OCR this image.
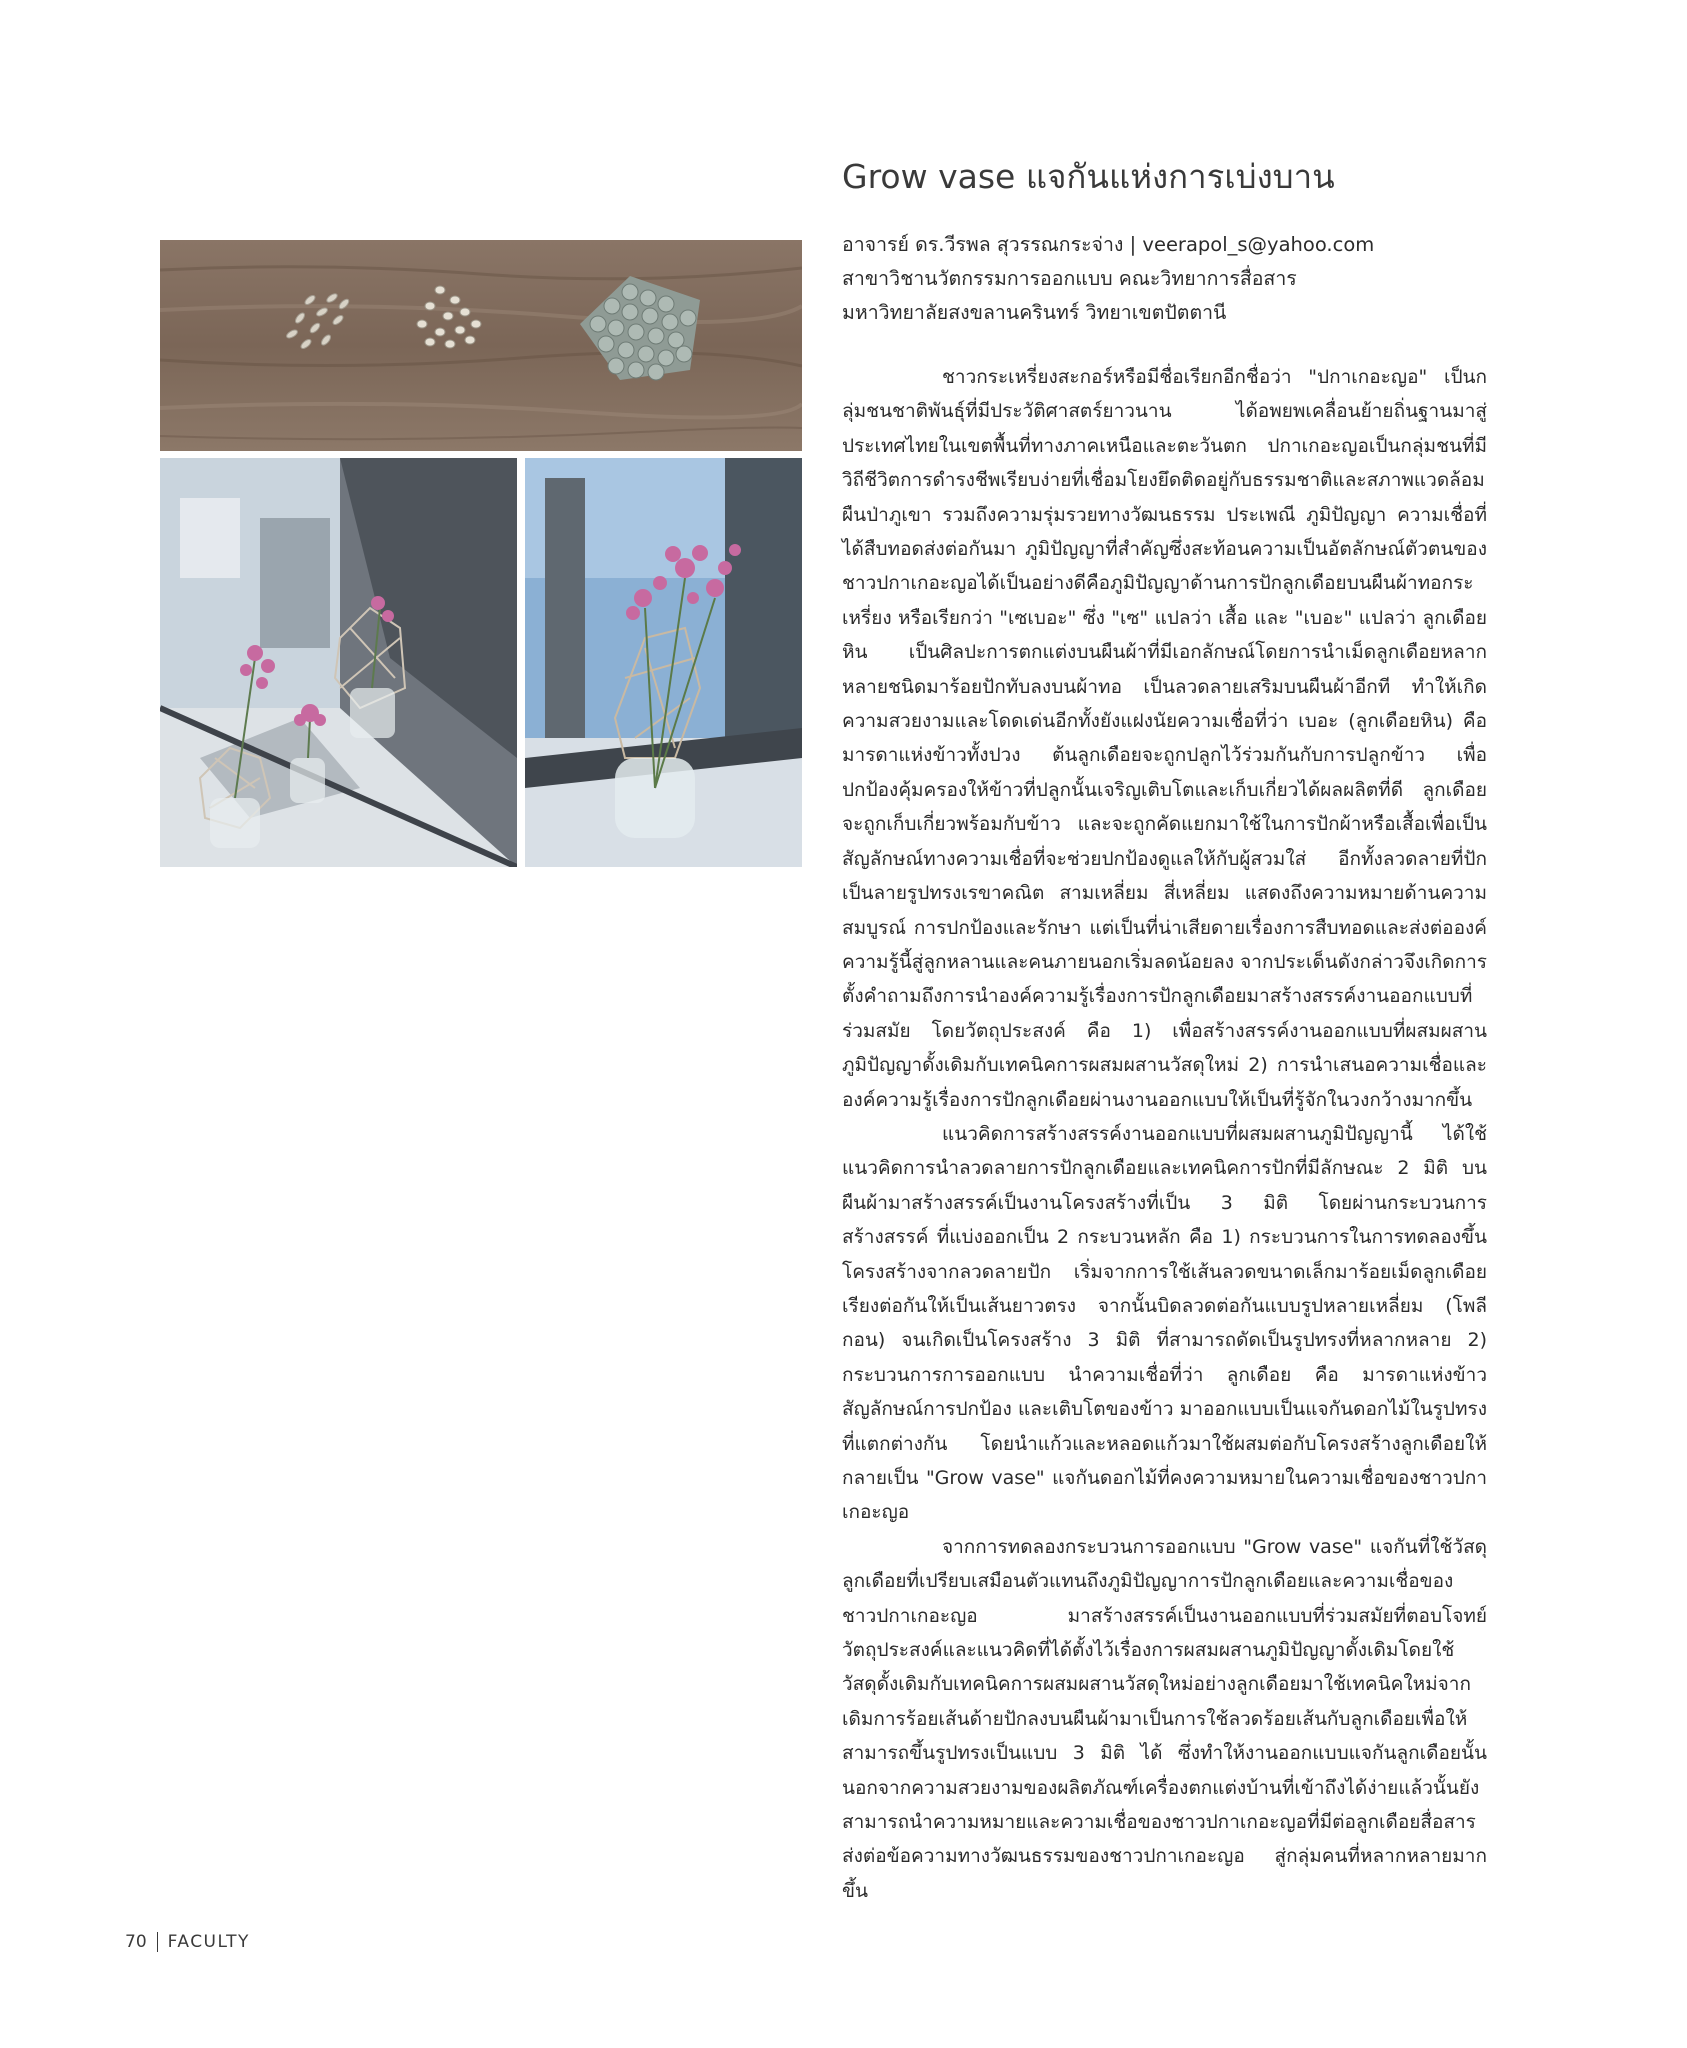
Grow vase แจกันแห่งการเบ่งบาน
อาจารย์ ดร.วีรพล สุวรรณกระจ่าง | veerapol_s@yahoo.com
สาขาวิชานวัตกรรมการออกแบบ คณะวิทยาการสื่อสาร
มหาวิทยาลัยสงขลานครินทร์ วิทยาเขตปัตตานี

ชาวกระเหรี่ยงสะกอร์หรือมีชื่อเรียกอีกชื่อว่า "ปกาเกอะญอ" เป็นกลุ่มชนชาติพันธุ์ที่มีประวัติศาสตร์ยาวนาน ได้อพยพเคลื่อนย้ายถิ่นฐานมาสู่ประเทศไทยในเขตพื้นที่ทางภาคเหนือและตะวันตก ปกาเกอะญอเป็นกลุ่มชนที่มีวิถีชีวิตการดำรงชีพเรียบง่ายที่เชื่อมโยงยึดติดอยู่กับธรรมชาติและสภาพแวดล้อมผืนป่าภูเขา รวมถึงความรุ่มรวยทางวัฒนธรรม ประเพณี ภูมิปัญญา ความเชื่อที่ได้สืบทอดส่งต่อกันมา ภูมิปัญญาที่สำคัญซึ่งสะท้อนความเป็นอัตลักษณ์ตัวตนของชาวปกาเกอะญอได้เป็นอย่างดีคือภูมิปัญญาด้านการปักลูกเดือยบนผืนผ้าทอกระเหรี่ยง หรือเรียกว่า "เซเบอะ" ซึ่ง "เซ" แปลว่า เสื้อ และ "เบอะ" แปลว่า ลูกเดือยหิน เป็นศิลปะการตกแต่งบนผืนผ้าที่มีเอกลักษณ์โดยการนำเม็ดลูกเดือยหลากหลายชนิดมาร้อยปักทับลงบนผ้าทอ เป็นลวดลายเสริมบนผืนผ้าอีกที ทำให้เกิดความสวยงามและโดดเด่นอีกทั้งยังแฝงนัยความเชื่อที่ว่า เบอะ (ลูกเดือยหิน) คือมารดาแห่งข้าวทั้งปวง ต้นลูกเดือยจะถูกปลูกไว้ร่วมกันกับการปลูกข้าว เพื่อปกป้องคุ้มครองให้ข้าวที่ปลูกนั้นเจริญเติบโตและเก็บเกี่ยวได้ผลผลิตที่ดี ลูกเดือยจะถูกเก็บเกี่ยวพร้อมกับข้าว และจะถูกคัดแยกมาใช้ในการปักผ้าหรือเสื้อเพื่อเป็นสัญลักษณ์ทางความเชื่อที่จะช่วยปกป้องดูแลให้กับผู้สวมใส่ อีกทั้งลวดลายที่ปักเป็นลายรูปทรงเรขาคณิต สามเหลี่ยม สี่เหลี่ยม แสดงถึงความหมายด้านความสมบูรณ์ การปกป้องและรักษา แต่เป็นที่น่าเสียดายเรื่องการสืบทอดและส่งต่อองค์ความรู้นี้สู่ลูกหลานและคนภายนอกเริ่มลดน้อยลง จากประเด็นดังกล่าวจึงเกิดการตั้งคำถามถึงการนำองค์ความรู้เรื่องการปักลูกเดือยมาสร้างสรรค์งานออกแบบที่ร่วมสมัย โดยวัตถุประสงค์ คือ 1) เพื่อสร้างสรรค์งานออกแบบที่ผสมผสานภูมิปัญญาดั้งเดิมกับเทคนิคการผสมผสานวัสดุใหม่ 2) การนำเสนอความเชื่อและองค์ความรู้เรื่องการปักลูกเดือยผ่านงานออกแบบให้เป็นที่รู้จักในวงกว้างมากขึ้น

แนวคิดการสร้างสรรค์งานออกแบบที่ผสมผสานภูมิปัญญานี้ ได้ใช้แนวคิดการนำลวดลายการปักลูกเดือยและเทคนิคการปักที่มีลักษณะ 2 มิติ บนผืนผ้ามาสร้างสรรค์เป็นงานโครงสร้างที่เป็น 3 มิติ โดยผ่านกระบวนการสร้างสรรค์ ที่แบ่งออกเป็น 2 กระบวนหลัก คือ 1) กระบวนการในการทดลองขึ้นโครงสร้างจากลวดลายปัก เริ่มจากการใช้เส้นลวดขนาดเล็กมาร้อยเม็ดลูกเดือยเรียงต่อกันให้เป็นเส้นยาวตรง จากนั้นบิดลวดต่อกันแบบรูปหลายเหลี่ยม (โพลีกอน) จนเกิดเป็นโครงสร้าง 3 มิติ ที่สามารถดัดเป็นรูปทรงที่หลากหลาย 2) กระบวนการการออกแบบ นำความเชื่อที่ว่า ลูกเดือย คือ มารดาแห่งข้าว สัญลักษณ์การปกป้อง และเติบโตของข้าว มาออกแบบเป็นแจกันดอกไม้ในรูปทรงที่แตกต่างกัน โดยนำแก้วและหลอดแก้วมาใช้ผสมต่อกับโครงสร้างลูกเดือยให้กลายเป็น "Grow vase" แจกันดอกไม้ที่คงความหมายในความเชื่อของชาวปกาเกอะญอ

จากการทดลองกระบวนการออกแบบ "Grow vase" แจกันที่ใช้วัสดุลูกเดือยที่เปรียบเสมือนตัวแทนถึงภูมิปัญญาการปักลูกเดือยและความเชื่อของชาวปกาเกอะญอ มาสร้างสรรค์เป็นงานออกแบบที่ร่วมสมัยที่ตอบโจทย์วัตถุประสงค์และแนวคิดที่ได้ตั้งไว้เรื่องการผสมผสานภูมิปัญญาดั้งเดิมโดยใช้วัสดุดั้งเดิมกับเทคนิคการผสมผสานวัสดุใหม่อย่างลูกเดือยมาใช้เทคนิคใหม่จากเดิมการร้อยเส้นด้ายปักลงบนผืนผ้ามาเป็นการใช้ลวดร้อยเส้นกับลูกเดือยเพื่อให้สามารถขึ้นรูปทรงเป็นแบบ 3 มิติ ได้ ซึ่งทำให้งานออกแบบแจกันลูกเดือยนั้นนอกจากความสวยงามของผลิตภัณฑ์เครื่องตกแต่งบ้านที่เข้าถึงได้ง่ายแล้วนั้นยังสามารถนำความหมายและความเชื่อของชาวปกาเกอะญอที่มีต่อลูกเดือยสื่อสารส่งต่อข้อความทางวัฒนธรรมของชาวปกาเกอะญอ สู่กลุ่มคนที่หลากหลายมากขึ้น

70 FACULTY
